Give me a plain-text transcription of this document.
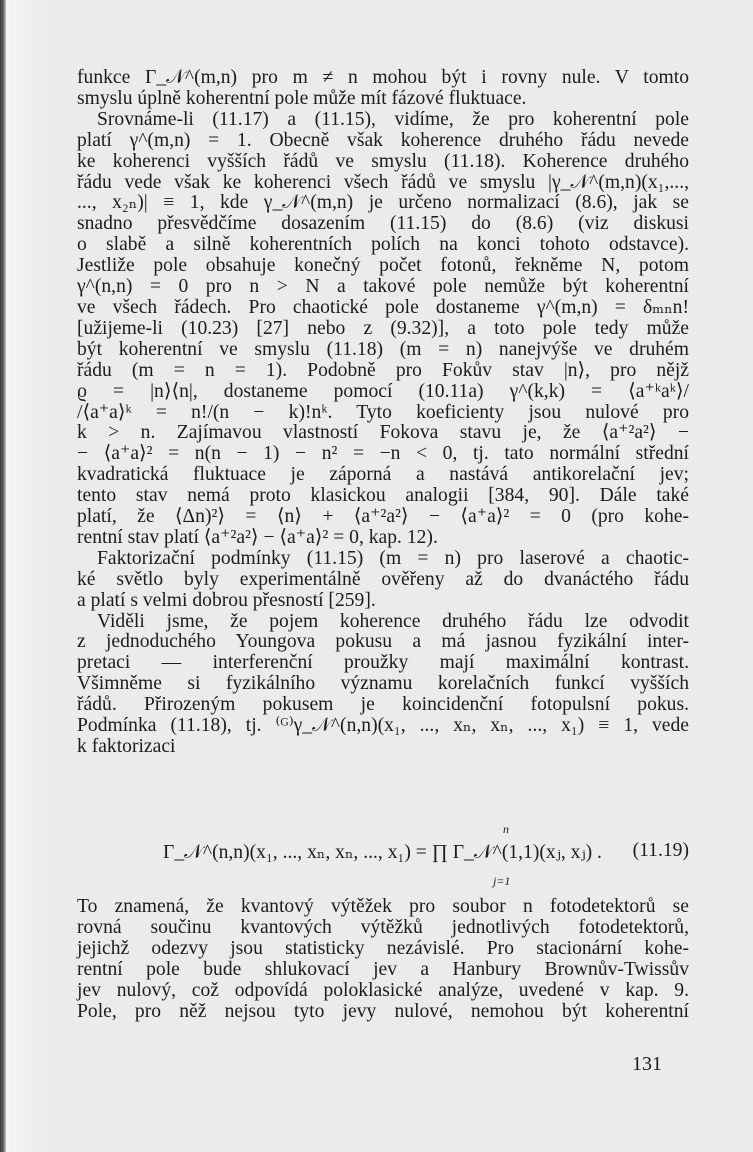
funkce Γ_𝒩^(m,n) pro m ≠ n mohou být i rovny nule. V tomto
smyslu úplně koherentní pole může mít fázové fluktuace.
Srovnáme-li (11.17) a (11.15), vidíme, že pro koherentní pole
platí γ^(m,n) = 1. Obecně však koherence druhého řádu nevede
ke koherenci vyšších řádů ve smyslu (11.18). Koherence druhého
řádu vede však ke koherenci všech řádů ve smyslu |γ_𝒩^(m,n)(x₁,...,
..., x₂ₙ)| ≡ 1, kde γ_𝒩^(m,n) je určeno normalizací (8.6), jak se
snadno přesvědčíme dosazením (11.15) do (8.6) (viz diskusi
o slabě a silně koherentních polích na konci tohoto odstavce).
Jestliže pole obsahuje konečný počet fotonů, řekněme N, potom
γ^(n,n) = 0 pro n > N a takové pole nemůže být koherentní
ve všech řádech. Pro chaotické pole dostaneme γ^(m,n) = δₘₙn!
[užijeme-li (10.23) [27] nebo z (9.32)], a toto pole tedy může
být koherentní ve smyslu (11.18) (m = n) nanejvýše ve druhém
řádu (m = n = 1). Podobně pro Fokův stav |n⟩, pro nějž
ϱ = |n⟩⟨n|, dostaneme pomocí (10.11a) γ^(k,k) = ⟨a⁺ᵏaᵏ⟩/
/⟨a⁺a⟩ᵏ = n!/(n − k)!nᵏ. Tyto koeficienty jsou nulové pro
k > n. Zajímavou vlastností Fokova stavu je, že ⟨a⁺²a²⟩ −
− ⟨a⁺a⟩² = n(n − 1) − n² = −n < 0, tj. tato normální střední
kvadratická fluktuace je záporná a nastává antikorelační jev;
tento stav nemá proto klasickou analogii [384, 90]. Dále také
platí, že ⟨Δn)²⟩ = ⟨n⟩ + ⟨a⁺²a²⟩ − ⟨a⁺a⟩² = 0 (pro kohe-
rentní stav platí ⟨a⁺²a²⟩ − ⟨a⁺a⟩² = 0, kap. 12).
Faktorizační podmínky (11.15) (m = n) pro laserové a chaotic-
ké světlo byly experimentálně ověřeny až do dvanáctého řádu
a platí s velmi dobrou přesností [259].
Viděli jsme, že pojem koherence druhého řádu lze odvodit
z jednoduchého Youngova pokusu a má jasnou fyzikální inter-
pretaci — interferenční proužky mají maximální kontrast.
Všimněme si fyzikálního významu korelačních funkcí vyšších
řádů. Přirozeným pokusem je koincidenční fotopulsní pokus.
Podmínka (11.18), tj. ⁽ᴳ⁾γ_𝒩^(n,n)(x₁, ..., xₙ, xₙ, ..., x₁) ≡ 1, vede
k faktorizaci
n
Γ_𝒩^(n,n)(x₁, ..., xₙ, xₙ, ..., x₁) = ∏ Γ_𝒩^(1,1)(xⱼ, xⱼ) .
j=1
(11.19)
To znamená, že kvantový výtěžek pro soubor n fotodetektorů se
rovná součinu kvantových výtěžků jednotlivých fotodetektorů,
jejichž odezvy jsou statisticky nezávislé. Pro stacionární kohe-
rentní pole bude shlukovací jev a Hanbury Brownův-Twissův
jev nulový, což odpovídá poloklasické analýze, uvedené v kap. 9.
Pole, pro něž nejsou tyto jevy nulové, nemohou být koherentní
131
